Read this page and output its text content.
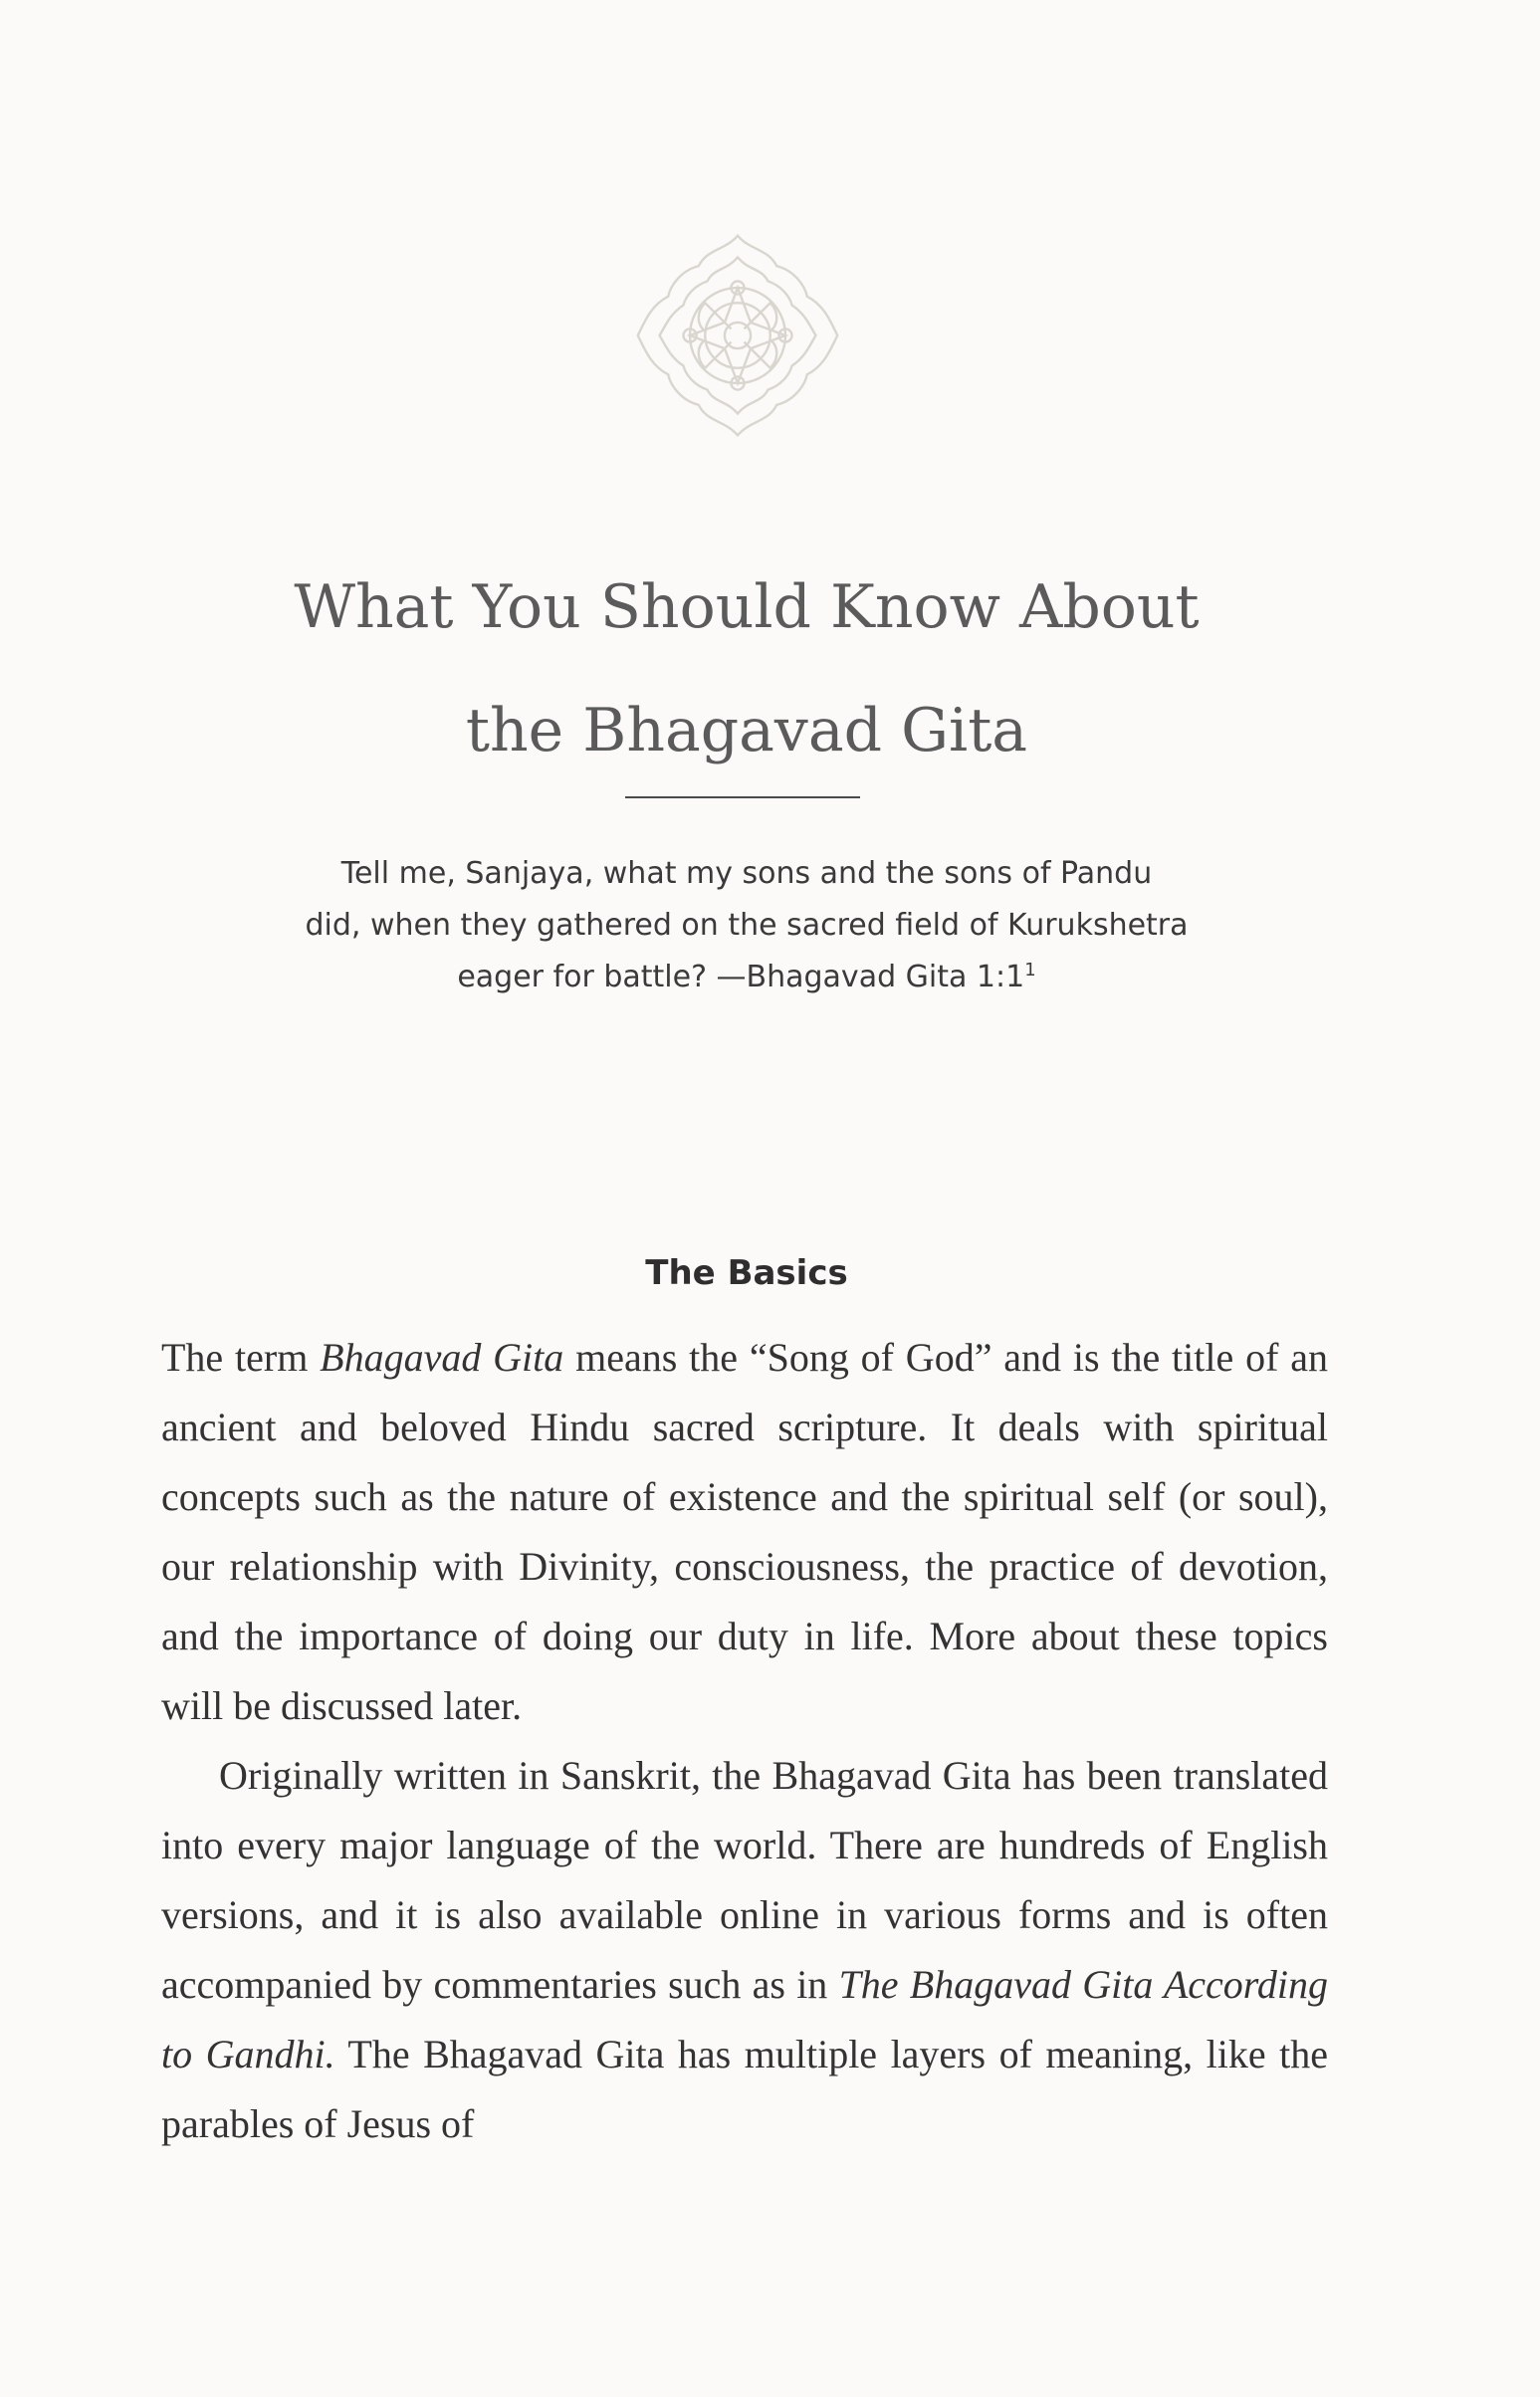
What You Should Know About
the Bhagavad Gita

Tell me, Sanjaya, what my sons and the sons of Pandu
did, when they gathered on the sacred field of Kurukshetra
eager for battle? —Bhagavad Gita $1:1^1$

The Basics

The term Bhagavad Gita means the “Song of God” and is the title of an ancient and beloved Hindu sacred scripture. It deals with spiritual concepts such as the nature of existence and the spiritual self (or soul), our relationship with Divinity, consciousness, the practice of devotion, and the importance of doing our duty in life. More about these topics will be discussed later.

Originally written in Sanskrit, the Bhagavad Gita has been translated into every major language of the world. There are hundreds of English versions, and it is also available online in various forms and is often accompanied by commentaries such as in The Bhagavad Gita According to Gandhi. The Bhagavad Gita has multiple layers of meaning, like the parables of Jesus of
